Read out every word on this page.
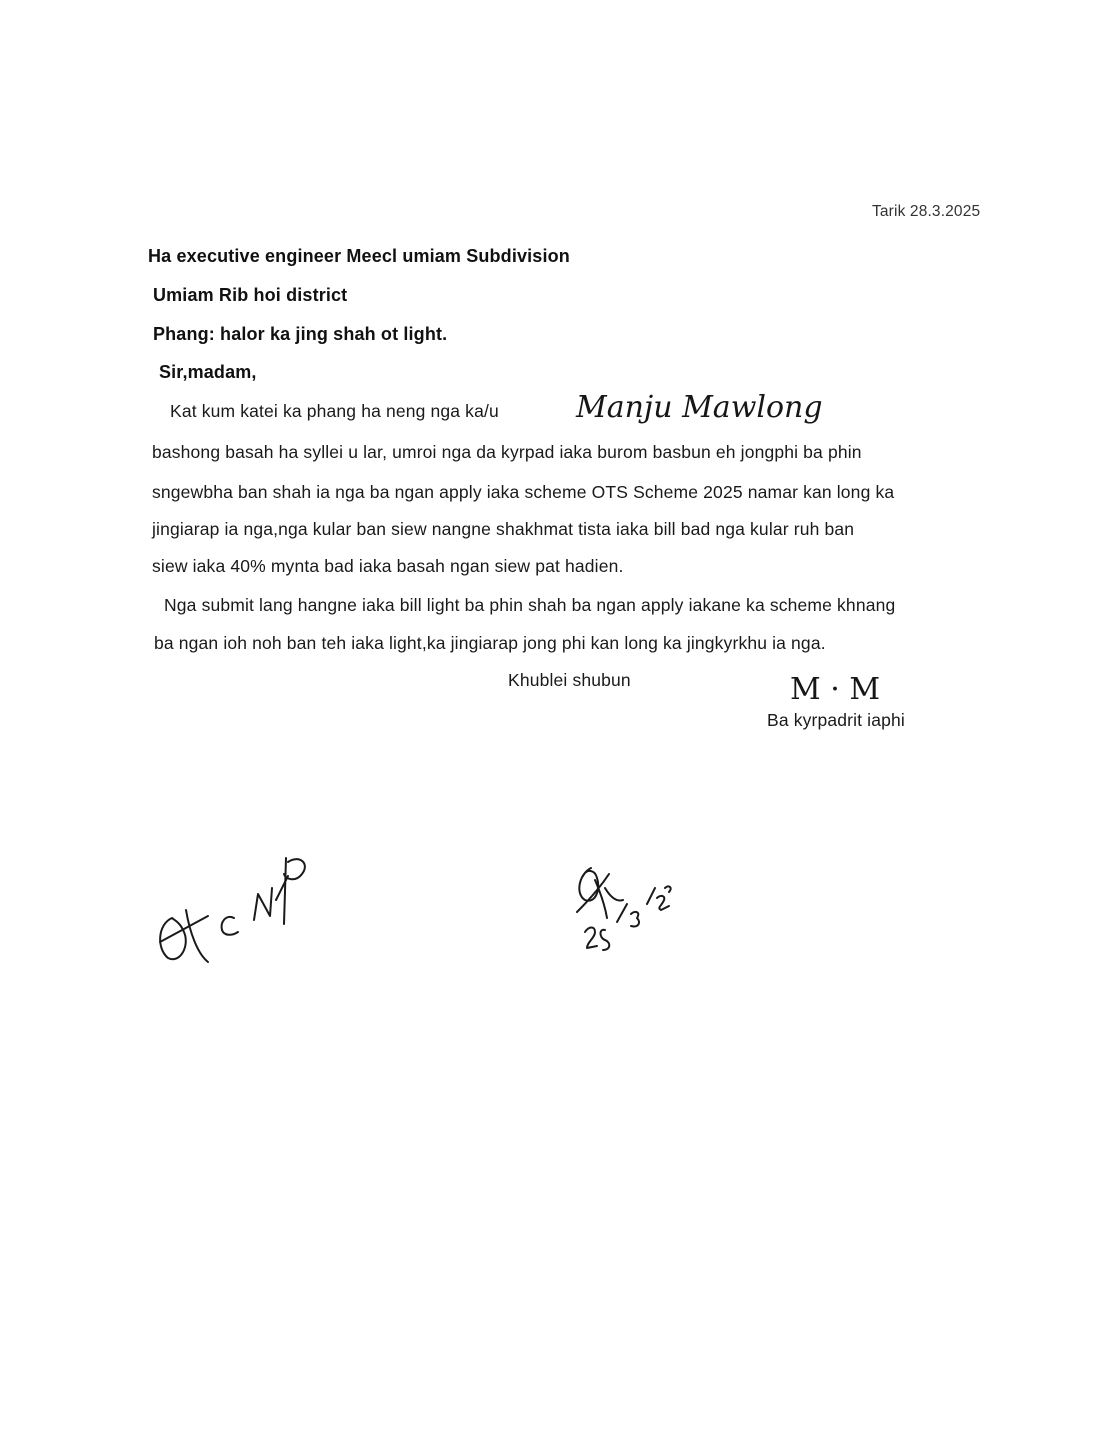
Tarik 28.3.2025
Ha executive engineer Meecl umiam Subdivision
Umiam Rib hoi district
Phang: halor ka jing shah ot light.
Sir,madam,
Kat kum katei ka phang ha neng nga ka/u	Manju Mawlong
bashong basah ha syllei u lar, umroi nga da kyrpad iaka burom basbun eh jongphi ba phin
sngewbha ban shah ia nga ba ngan apply iaka scheme OTS Scheme 2025 namar kan long ka
jingiarap ia nga,nga kular ban siew nangne shakhmat tista iaka bill bad nga kular ruh ban
siew iaka 40% mynta bad iaka basah ngan siew pat hadien.
Nga submit lang hangne iaka bill light ba phin shah ba ngan apply iakane ka scheme khnang
ba ngan ioh noh ban teh iaka light,ka jingiarap jong phi kan long ka jingkyrkhu ia nga.
Khublei shubun	M · M
Ba kyrpadrit iaphi
